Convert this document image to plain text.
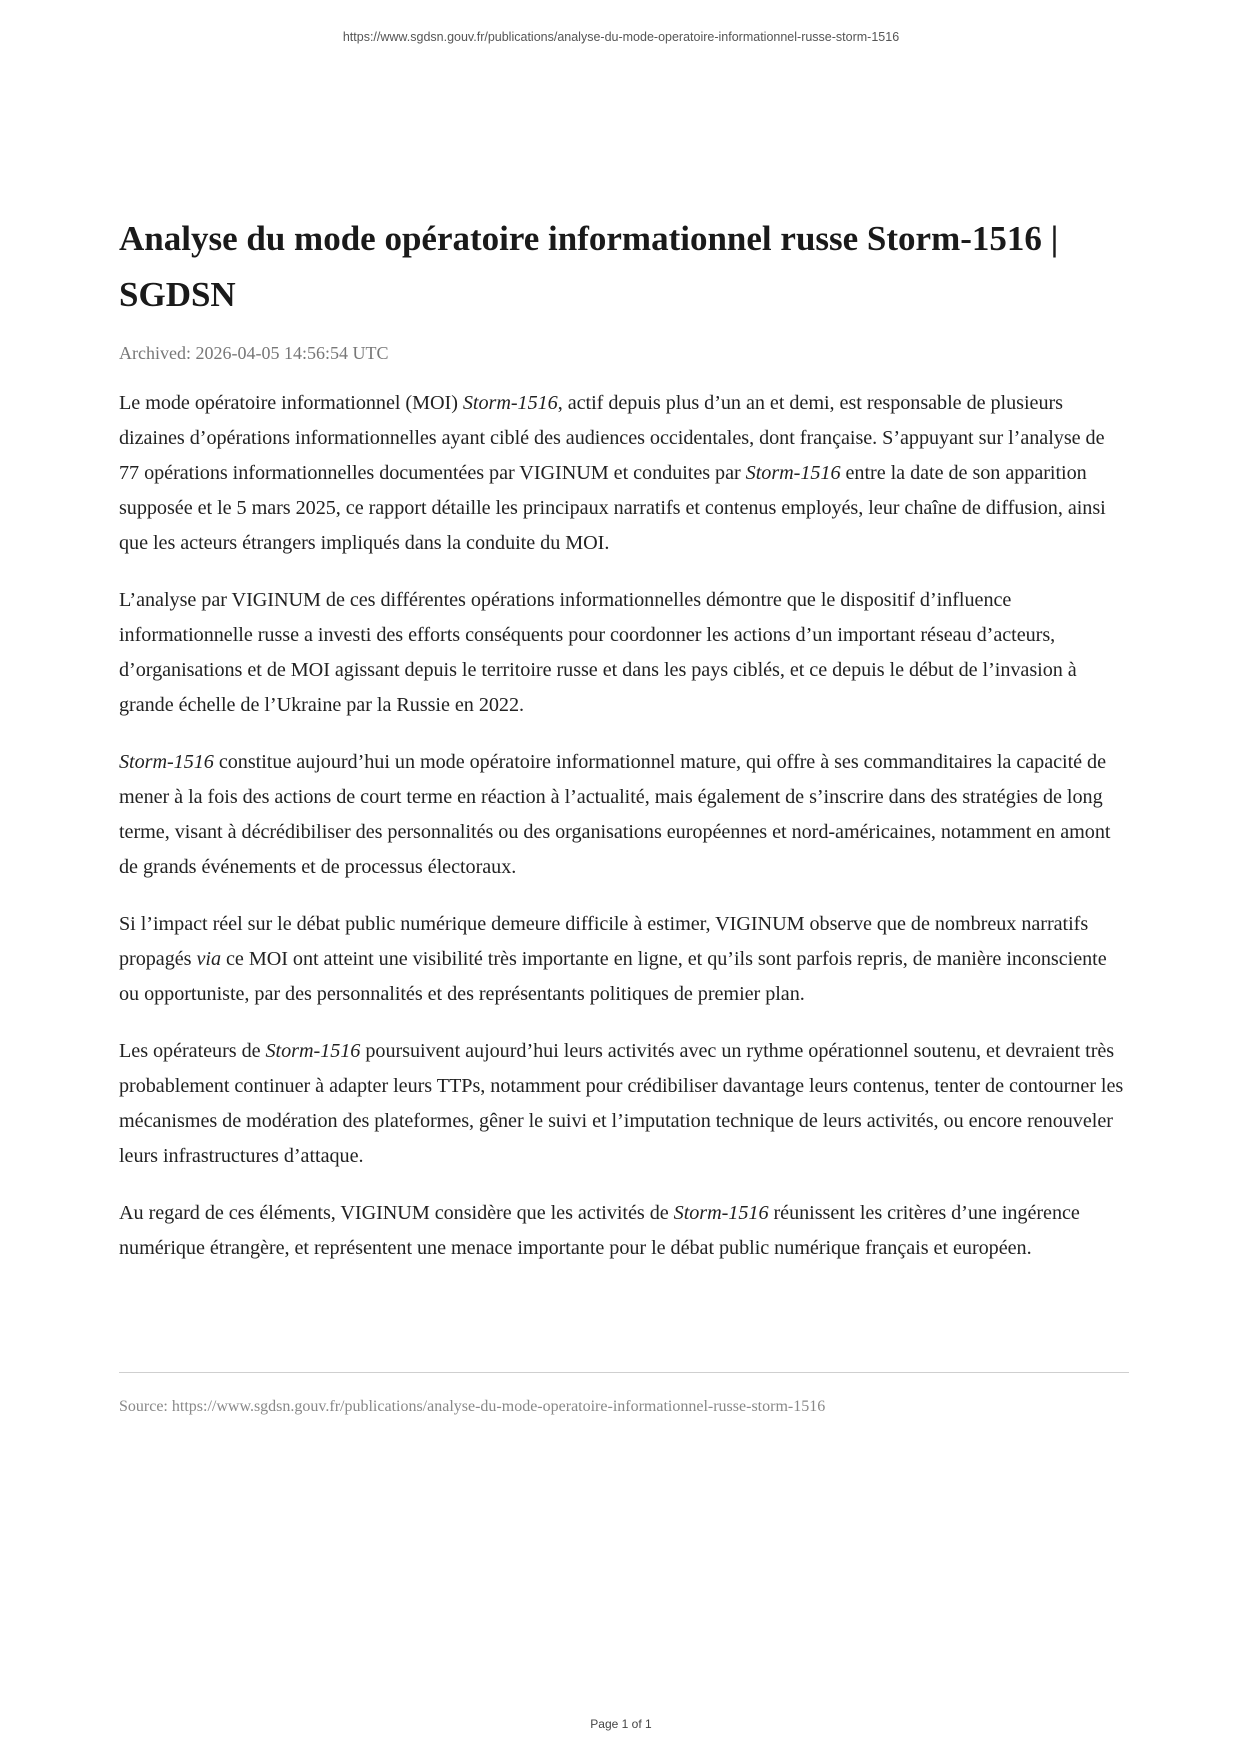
https://www.sgdsn.gouv.fr/publications/analyse-du-mode-operatoire-informationnel-russe-storm-1516
Analyse du mode opératoire informationnel russe Storm-1516 | SGDSN
Archived: 2026-04-05 14:56:54 UTC

Le mode opératoire informationnel (MOI) Storm-1516, actif depuis plus d’un an et demi, est responsable de plusieurs dizaines d’opérations informationnelles ayant ciblé des audiences occidentales, dont française. S’appuyant sur l’analyse de 77 opérations informationnelles documentées par VIGINUM et conduites par Storm-1516 entre la date de son apparition supposée et le 5 mars 2025, ce rapport détaille les principaux narratifs et contenus employés, leur chaîne de diffusion, ainsi que les acteurs étrangers impliqués dans la conduite du MOI.

L’analyse par VIGINUM de ces différentes opérations informationnelles démontre que le dispositif d’influence informationnelle russe a investi des efforts conséquents pour coordonner les actions d’un important réseau d’acteurs, d’organisations et de MOI agissant depuis le territoire russe et dans les pays ciblés, et ce depuis le début de l’invasion à grande échelle de l’Ukraine par la Russie en 2022.

Storm-1516 constitue aujourd’hui un mode opératoire informationnel mature, qui offre à ses commanditaires la capacité de mener à la fois des actions de court terme en réaction à l’actualité, mais également de s’inscrire dans des stratégies de long terme, visant à décrédibiliser des personnalités ou des organisations européennes et nord-américaines, notamment en amont de grands événements et de processus électoraux.

Si l’impact réel sur le débat public numérique demeure difficile à estimer, VIGINUM observe que de nombreux narratifs propagés via ce MOI ont atteint une visibilité très importante en ligne, et qu’ils sont parfois repris, de manière inconsciente ou opportuniste, par des personnalités et des représentants politiques de premier plan.

Les opérateurs de Storm-1516 poursuivent aujourd’hui leurs activités avec un rythme opérationnel soutenu, et devraient très probablement continuer à adapter leurs TTPs, notamment pour crédibiliser davantage leurs contenus, tenter de contourner les mécanismes de modération des plateformes, gêner le suivi et l’imputation technique de leurs activités, ou encore renouveler leurs infrastructures d’attaque.

Au regard de ces éléments, VIGINUM considère que les activités de Storm-1516 réunissent les critères d’une ingérence numérique étrangère, et représentent une menace importante pour le débat public numérique français et européen.

Source: https://www.sgdsn.gouv.fr/publications/analyse-du-mode-operatoire-informationnel-russe-storm-1516
Page 1 of 1
